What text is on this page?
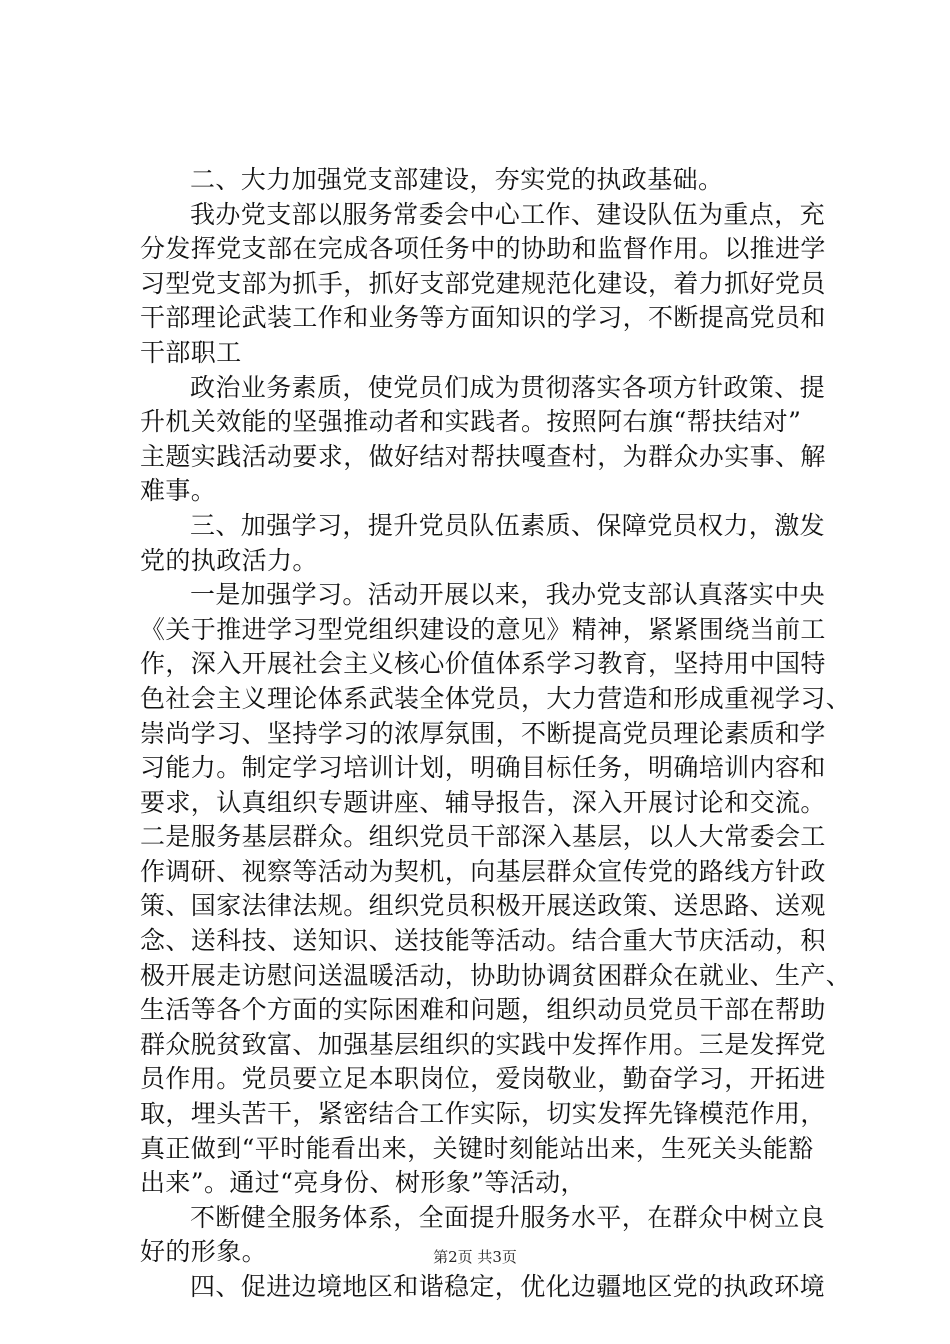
二、大力加强党支部建设，夯实党的执政基础。
我办党支部以服务常委会中心工作、建设队伍为重点，充
分发挥党支部在完成各项任务中的协助和监督作用。以推进学
习型党支部为抓手，抓好支部党建规范化建设，着力抓好党员
干部理论武装工作和业务等方面知识的学习，不断提高党员和
干部职工
政治业务素质，使党员们成为贯彻落实各项方针政策、提
升机关效能的坚强推动者和实践者。按照阿右旗“帮扶结对”
主题实践活动要求，做好结对帮扶嘎查村，为群众办实事、解
难事。
三、加强学习，提升党员队伍素质、保障党员权力，激发
党的执政活力。
一是加强学习。活动开展以来，我办党支部认真落实中央
《关于推进学习型党组织建设的意见》精神，紧紧围绕当前工
作，深入开展社会主义核心价值体系学习教育，坚持用中国特
色社会主义理论体系武装全体党员，大力营造和形成重视学习、
崇尚学习、坚持学习的浓厚氛围，不断提高党员理论素质和学
习能力。制定学习培训计划，明确目标任务，明确培训内容和
要求，认真组织专题讲座、辅导报告，深入开展讨论和交流。
二是服务基层群众。组织党员干部深入基层，以人大常委会工
作调研、视察等活动为契机，向基层群众宣传党的路线方针政
策、国家法律法规。组织党员积极开展送政策、送思路、送观
念、送科技、送知识、送技能等活动。结合重大节庆活动，积
极开展走访慰问送温暖活动，协助协调贫困群众在就业、生产、
生活等各个方面的实际困难和问题，组织动员党员干部在帮助
群众脱贫致富、加强基层组织的实践中发挥作用。三是发挥党
员作用。党员要立足本职岗位，爱岗敬业，勤奋学习，开拓进
取，埋头苦干，紧密结合工作实际，切实发挥先锋模范作用，
真正做到“平时能看出来，关键时刻能站出来，生死关头能豁
出来”。通过“亮身份、树形象”等活动，
不断健全服务体系，全面提升服务水平，在群众中树立良
好的形象。
四、促进边境地区和谐稳定，优化边疆地区党的执政环境
第2页 共3页
